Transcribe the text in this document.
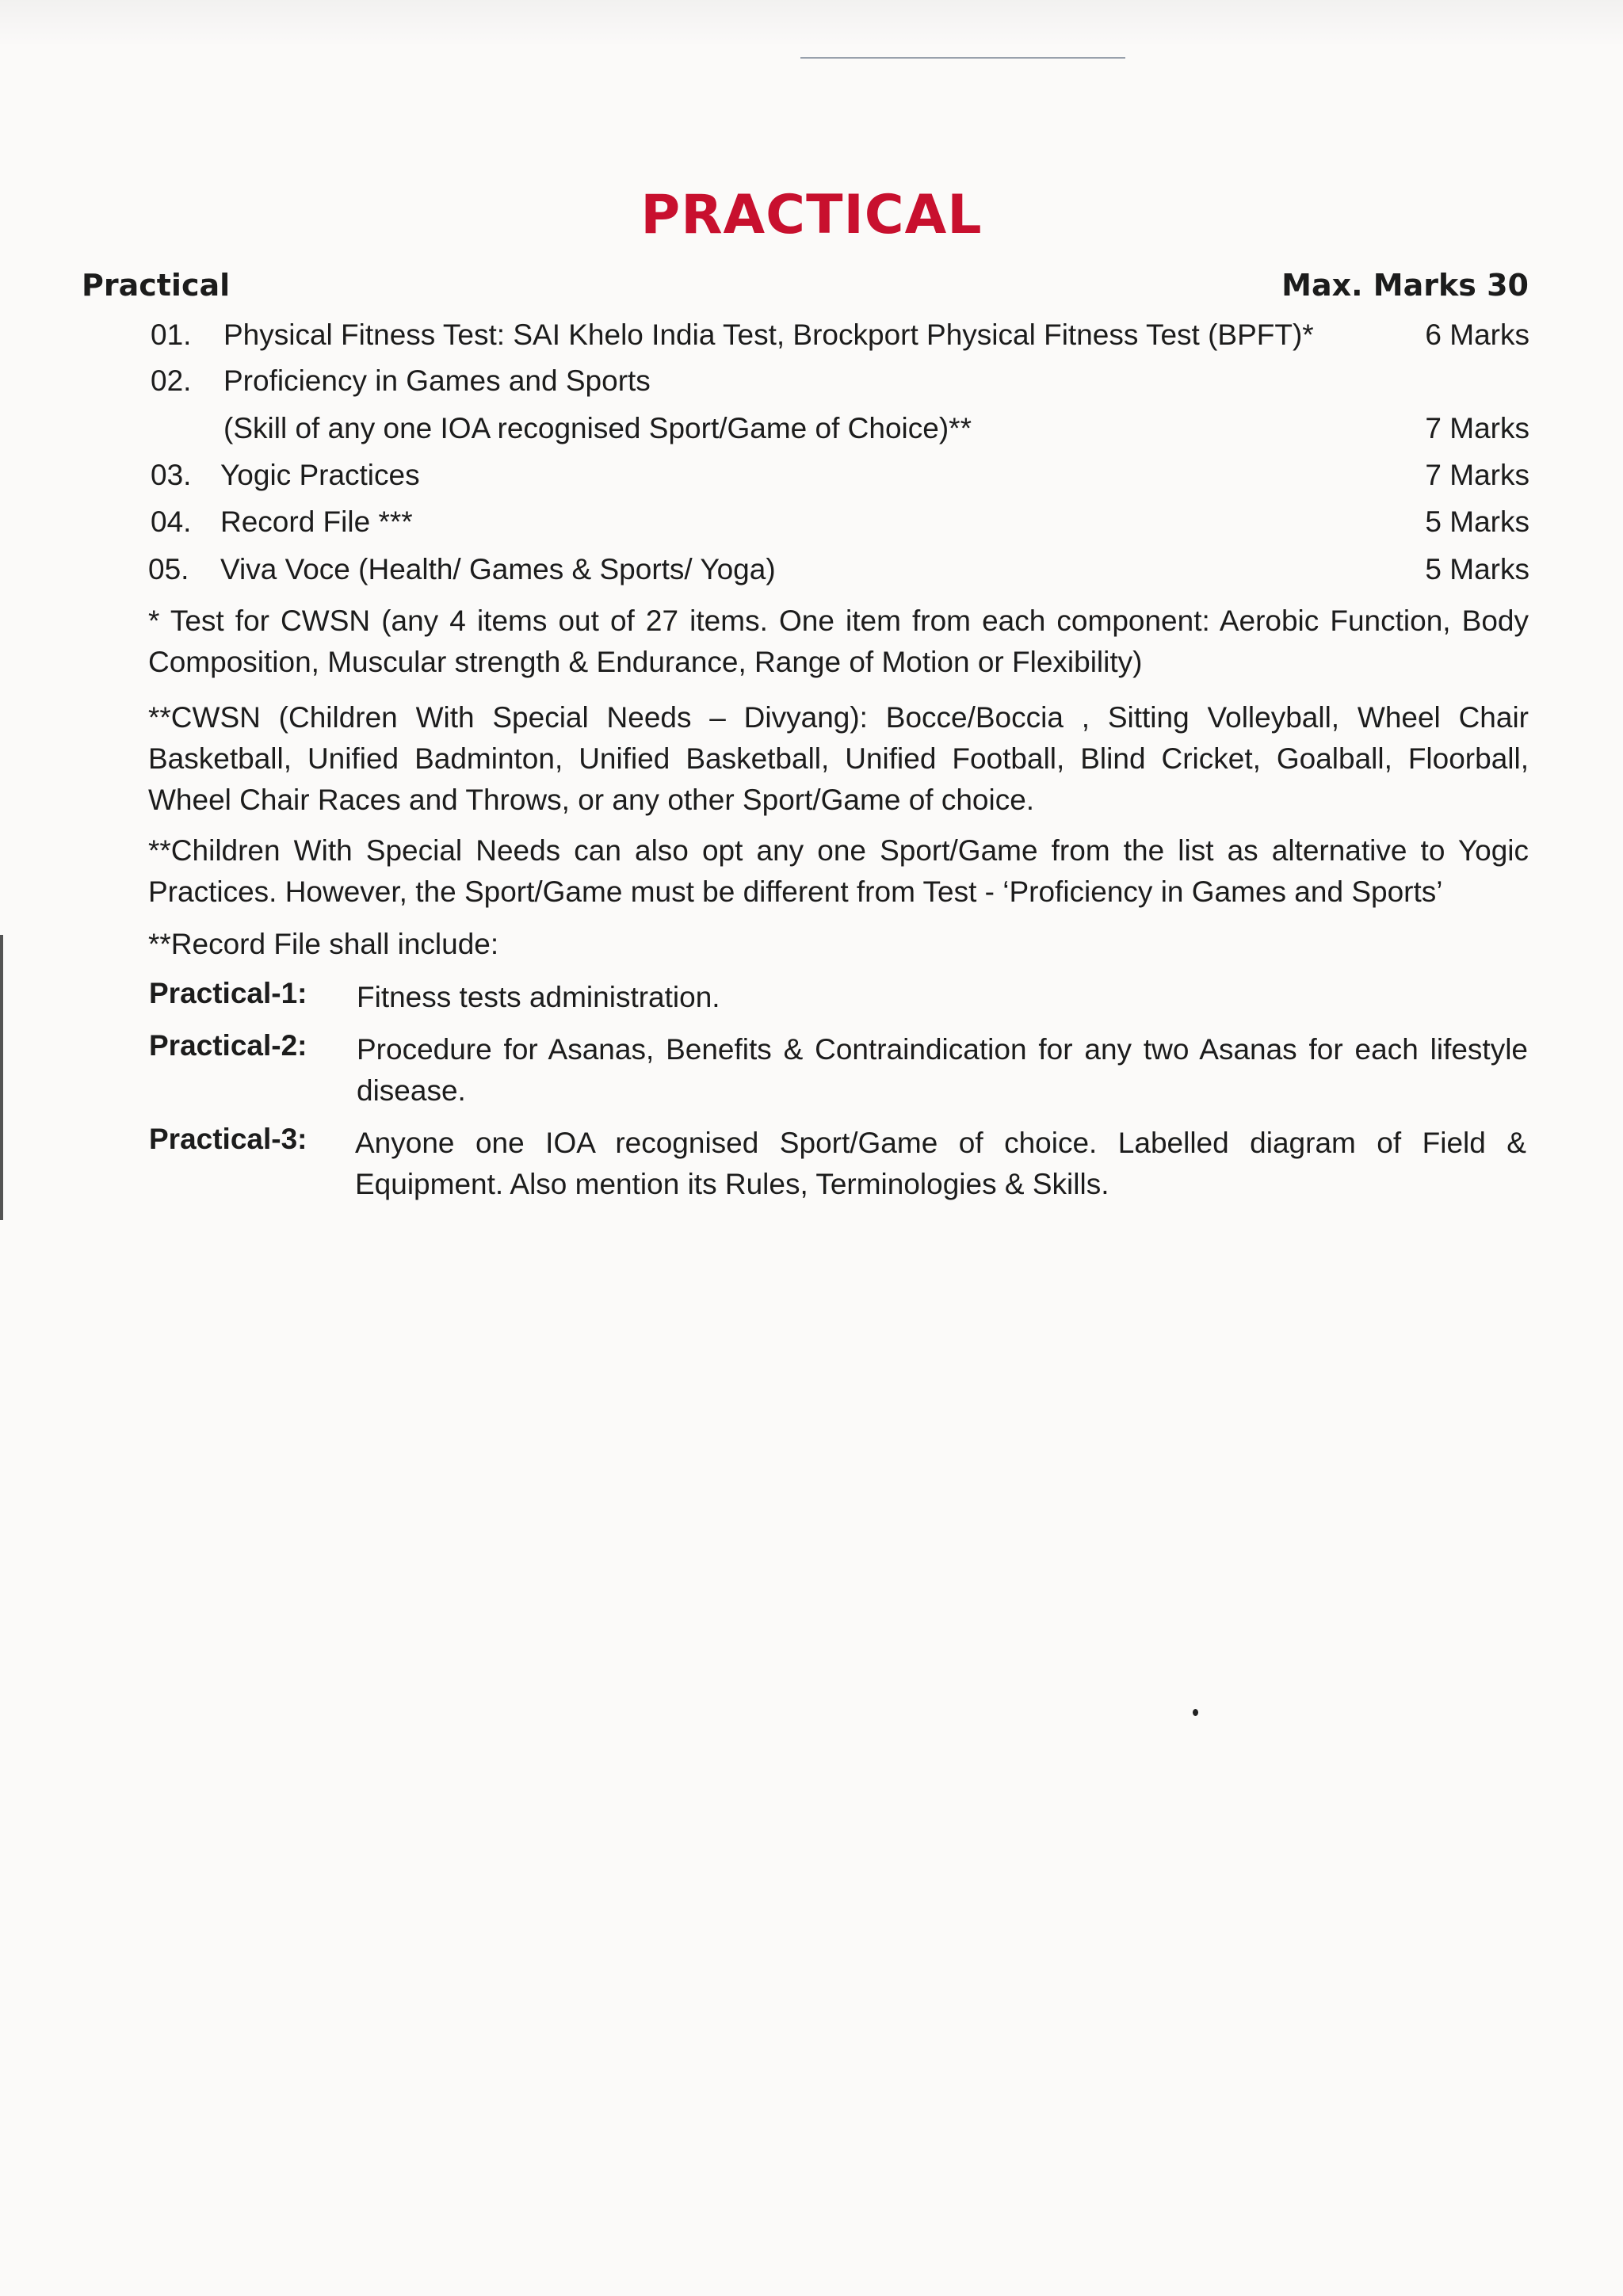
PRACTICAL
Practical	Max. Marks 30
01. Physical Fitness Test: SAI Khelo India Test, Brockport Physical Fitness Test (BPFT)*	6 Marks
02. Proficiency in Games and Sports
(Skill of any one IOA recognised Sport/Game of Choice)**	7 Marks
03. Yogic Practices	7 Marks
04. Record File ***	5 Marks
05. Viva Voce (Health/ Games & Sports/ Yoga)	5 Marks
* Test for CWSN (any 4 items out of 27 items. One item from each component: Aerobic Function, Body Composition, Muscular strength & Endurance, Range of Motion or Flexibility)
**CWSN (Children With Special Needs – Divyang): Bocce/Boccia , Sitting Volleyball, Wheel Chair Basketball, Unified Badminton, Unified Basketball, Unified Football, Blind Cricket, Goalball, Floorball, Wheel Chair Races and Throws, or any other Sport/Game of choice.
**Children With Special Needs can also opt any one Sport/Game from the list as alternative to Yogic Practices. However, the Sport/Game must be different from Test - ‘Proficiency in Games and Sports’
**Record File shall include:
Practical-1: Fitness tests administration.
Practical-2: Procedure for Asanas, Benefits & Contraindication for any two Asanas for each lifestyle disease.
Practical-3: Anyone one IOA recognised Sport/Game of choice. Labelled diagram of Field & Equipment. Also mention its Rules, Terminologies & Skills.
